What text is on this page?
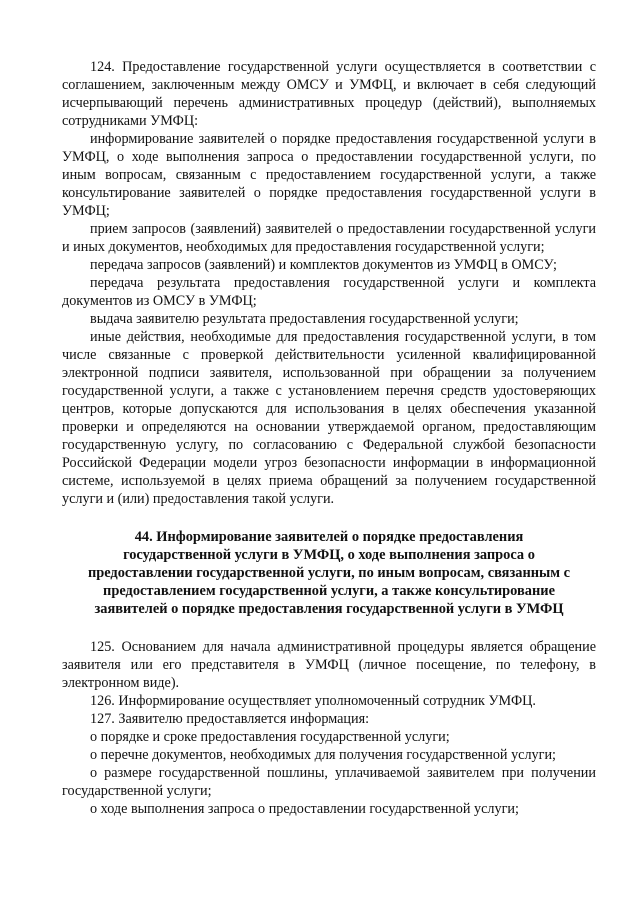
124. Предоставление государственной услуги осуществляется в соответствии с соглашением, заключенным между ОМСУ и УМФЦ, и включает в себя следующий исчерпывающий перечень административных процедур (действий), выполняемых сотрудниками УМФЦ:

информирование заявителей о порядке предоставления государственной услуги в УМФЦ, о ходе выполнения запроса о предоставлении государственной услуги, по иным вопросам, связанным с предоставлением государственной услуги, а также консультирование заявителей о порядке предоставления государственной услуги в УМФЦ;

прием запросов (заявлений) заявителей о предоставлении государственной услуги и иных документов, необходимых для предоставления государственной услуги;

передача запросов (заявлений) и комплектов документов из УМФЦ в ОМСУ;

передача результата предоставления государственной услуги и комплекта документов из ОМСУ в УМФЦ;

выдача заявителю результата предоставления государственной услуги;

иные действия, необходимые для предоставления государственной услуги, в том числе связанные с проверкой действительности усиленной квалифицированной электронной подписи заявителя, использованной при обращении за получением государственной услуги, а также с установлением перечня средств удостоверяющих центров, которые допускаются для использования в целях обеспечения указанной проверки и определяются на основании утверждаемой органом, предоставляющим государственную услугу, по согласованию с Федеральной службой безопасности Российской Федерации модели угроз безопасности информации в информационной системе, используемой в целях приема обращений за получением государственной услуги и (или) предоставления такой услуги.

44. Информирование заявителей о порядке предоставления
государственной услуги в УМФЦ, о ходе выполнения запроса о
предоставлении государственной услуги, по иным вопросам, связанным с
предоставлением государственной услуги, а также консультирование
заявителей о порядке предоставления государственной услуги в УМФЦ

125. Основанием для начала административной процедуры является обращение заявителя или его представителя в УМФЦ (личное посещение, по телефону, в электронном виде).

126. Информирование осуществляет уполномоченный сотрудник УМФЦ.

127. Заявителю предоставляется информация:

о порядке и сроке предоставления государственной услуги;

о перечне документов, необходимых для получения государственной услуги;

о размере государственной пошлины, уплачиваемой заявителем при получении государственной услуги;

о ходе выполнения запроса о предоставлении государственной услуги;
